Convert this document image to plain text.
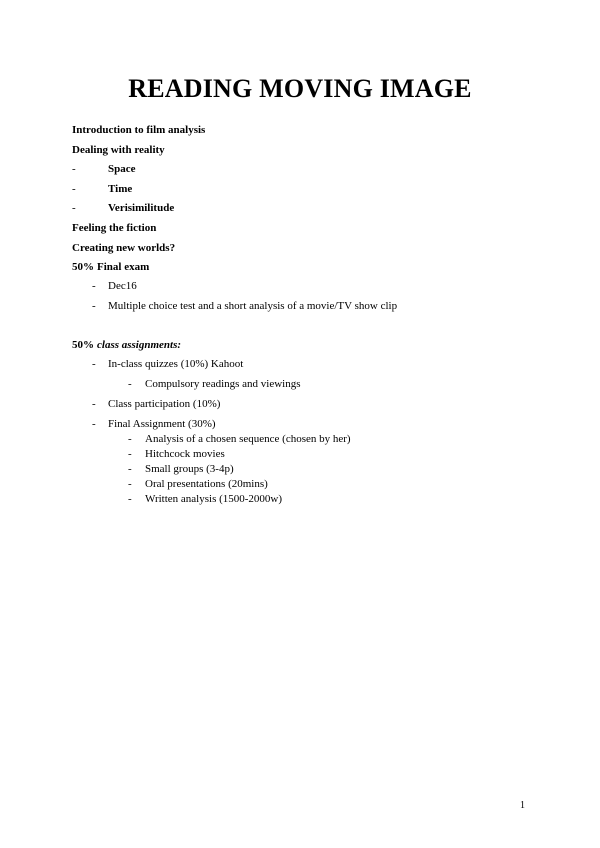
READING MOVING IMAGE
Introduction to film analysis
Dealing with reality
-	Space
-	Time
-	Verisimilitude
Feeling the fiction
Creating new worlds?
50% Final exam
- Dec16
- Multiple choice test and a short analysis of a movie/TV show clip
50% class assignments:
- In-class quizzes (10%) Kahoot
- Compulsory readings and viewings
- Class participation (10%)
- Final Assignment (30%)
- Analysis of a chosen sequence (chosen by her)
- Hitchcock movies
- Small groups (3-4p)
- Oral presentations (20mins)
- Written analysis (1500-2000w)
1
